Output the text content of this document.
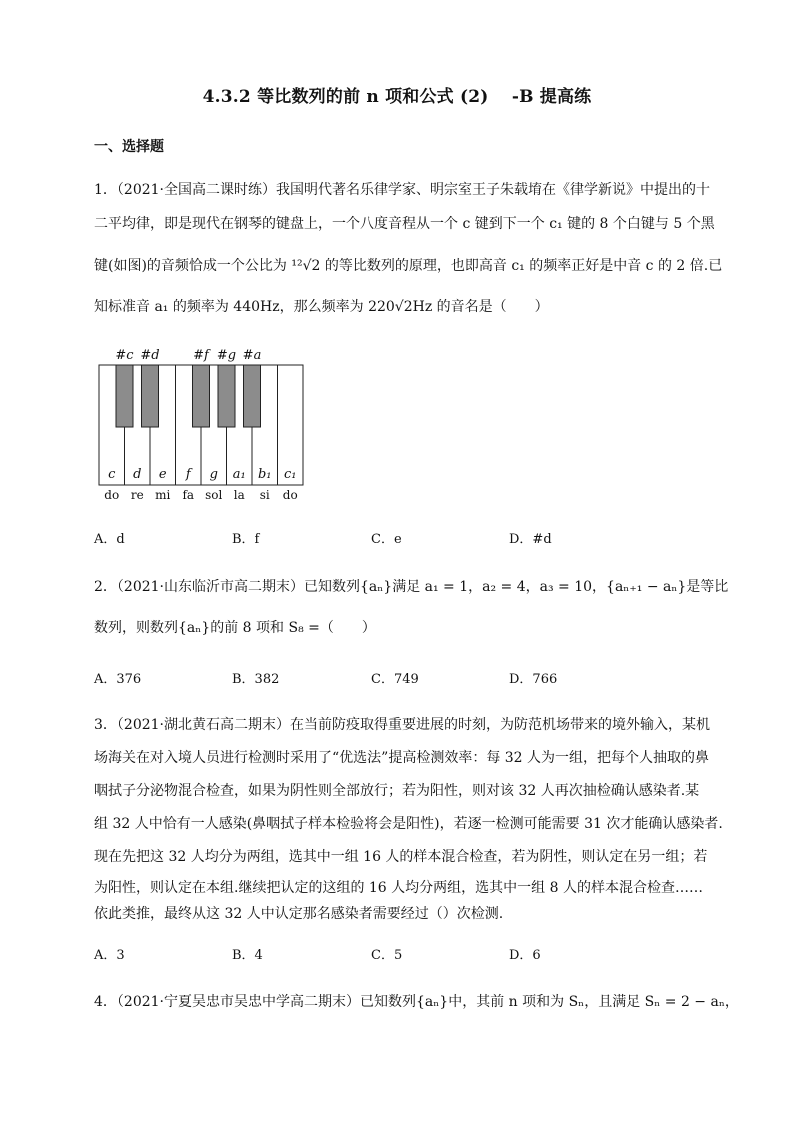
4.3.2 等比数列的前 n 项和公式 (2)　 -B 提高练
一、选择题
1．（2021·全国高二课时练）我国明代著名乐律学家、明宗室王子朱载堉在《律学新说》中提出的十
二平均律，即是现代在钢琴的键盘上，一个八度音程从一个 c 键到下一个 c₁ 键的 8 个白键与 5 个黑
键(如图)的音频恰成一个公比为 ¹²√2 的等比数列的原理，也即高音 c₁ 的频率正好是中音 c 的 2 倍.已
知标准音 a₁ 的频率为 440Hz，那么频率为 220√2Hz 的音名是（　　）
c
do
d
re
e
mi
f
fa
g
sol
a₁
la
b₁
si
c₁
do
#c #d	#f #g #a
A．d	B．f	C．e	D．#d
2．（2021·山东临沂市高二期末）已知数列{aₙ}满足 a₁ = 1，a₂ = 4，a₃ = 10，{aₙ₊₁ − aₙ}是等比
数列，则数列{aₙ}的前 8 项和 S₈ =（　　）
A．376	B．382	C．749	D．766
3．（2021·湖北黄石高二期末）在当前防疫取得重要进展的时刻，为防范机场带来的境外输入，某机
场海关在对入境人员进行检测时采用了“优选法”提高检测效率：每 32 人为一组，把每个人抽取的鼻
咽拭子分泌物混合检查，如果为阴性则全部放行；若为阳性，则对该 32 人再次抽检确认感染者.某
组 32 人中恰有一人感染(鼻咽拭子样本检验将会是阳性)，若逐一检测可能需要 31 次才能确认感染者.
现在先把这 32 人均分为两组，选其中一组 16 人的样本混合检查，若为阴性，则认定在另一组；若
为阳性，则认定在本组.继续把认定的这组的 16 人均分两组，选其中一组 8 人的样本混合检查……
依此类推，最终从这 32 人中认定那名感染者需要经过（）次检测.
A．3	B．4	C．5	D．6
4．（2021·宁夏吴忠市吴忠中学高二期末）已知数列{aₙ}中，其前 n 项和为 Sₙ，且满足 Sₙ = 2 − aₙ，
